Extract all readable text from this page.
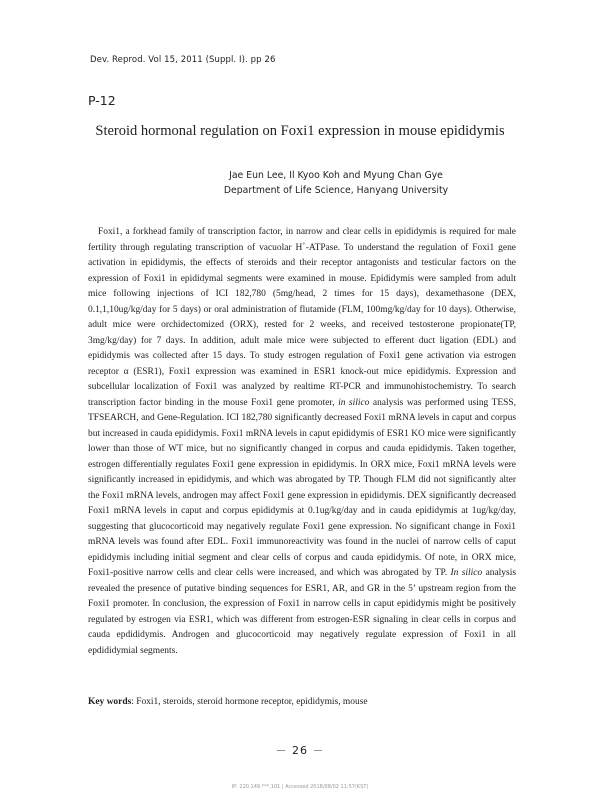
Dev. Reprod. Vol 15, 2011 (Suppl. I). pp 26
P-12
Steroid hormonal regulation on Foxi1 expression in mouse epididymis
Jae Eun Lee, Il Kyoo Koh and Myung Chan Gye
Department of Life Science, Hanyang University

Foxi1, a forkhead family of transcription factor, in narrow and clear cells in epididymis is required for male fertility through regulating transcription of vacuolar H+-ATPase. To understand the regulation of Foxi1 gene activation in epididymis, the effects of steroids and their receptor antagonists and testicular factors on the expression of Foxi1 in epididymal segments were examined in mouse. Epididymis were sampled from adult mice following injections of ICI 182,780 (5mg/head, 2 times for 15 days), dexamethasone (DEX, 0.1,1,10ug/kg/day for 5 days) or oral administration of flutamide (FLM, 100mg/kg/day for 10 days). Otherwise, adult mice were orchidectomized (ORX), rested for 2 weeks, and received testosterone propionate(TP, 3mg/kg/day) for 7 days. In addition, adult male mice were subjected to efferent duct ligation (EDL) and epididymis was collected after 15 days. To study estrogen regulation of Foxi1 gene activation via estrogen receptor α (ESR1), Foxi1 expression was examined in ESR1 knock-out mice epididymis. Expression and subcellular localization of Foxi1 was analyzed by realtime RT-PCR and immunohistochemistry. To search transcription factor binding in the mouse Foxi1 gene promoter, in silico analysis was performed using TESS, TFSEARCH, and Gene-Regulation. ICI 182,780 significantly decreased Foxi1 mRNA levels in caput and corpus but increased in cauda epididymis. Foxi1 mRNA levels in caput epididymis of ESR1 KO mice were significantly lower than those of WT mice, but no significantly changed in corpus and cauda epididymis. Taken together, estrogen differentially regulates Foxi1 gene expression in epididymis. In ORX mice, Foxi1 mRNA levels were significantly increased in epididymis, and which was abrogated by TP. Though FLM did not significantly alter the Foxi1 mRNA levels, androgen may affect Foxi1 gene expression in epididymis. DEX significantly decreased Foxi1 mRNA levels in caput and corpus epididymis at 0.1ug/kg/day and in cauda epididymis at 1ug/kg/day, suggesting that glucocorticoid may negatively regulate Foxi1 gene expression. No significant change in Foxi1 mRNA levels was found after EDL. Foxi1 immunoreactivity was found in the nuclei of narrow cells of caput epididymis including initial segment and clear cells of corpus and cauda epididymis. Of note, in ORX mice, Foxi1-positive narrow cells and clear cells were increased, and which was abrogated by TP. In silico analysis revealed the presence of putative binding sequences for ESR1, AR, and GR in the 5’ upstream region from the Foxi1 promoter. In conclusion, the expression of Foxi1 in narrow cells in caput epididymis might be positively regulated by estrogen via ESR1, which was different from estrogen-ESR signaling in clear cells in corpus and cauda epdididymis. Androgen and glucocorticoid may negatively regulate expression of Foxi1 in all epdididymial segments.

Key words: Foxi1, steroids, steroid hormone receptor, epididymis, mouse
－ 26 －
IP: 220.149.***.101 | Accessed 2018/08/02 11:57(KST)
